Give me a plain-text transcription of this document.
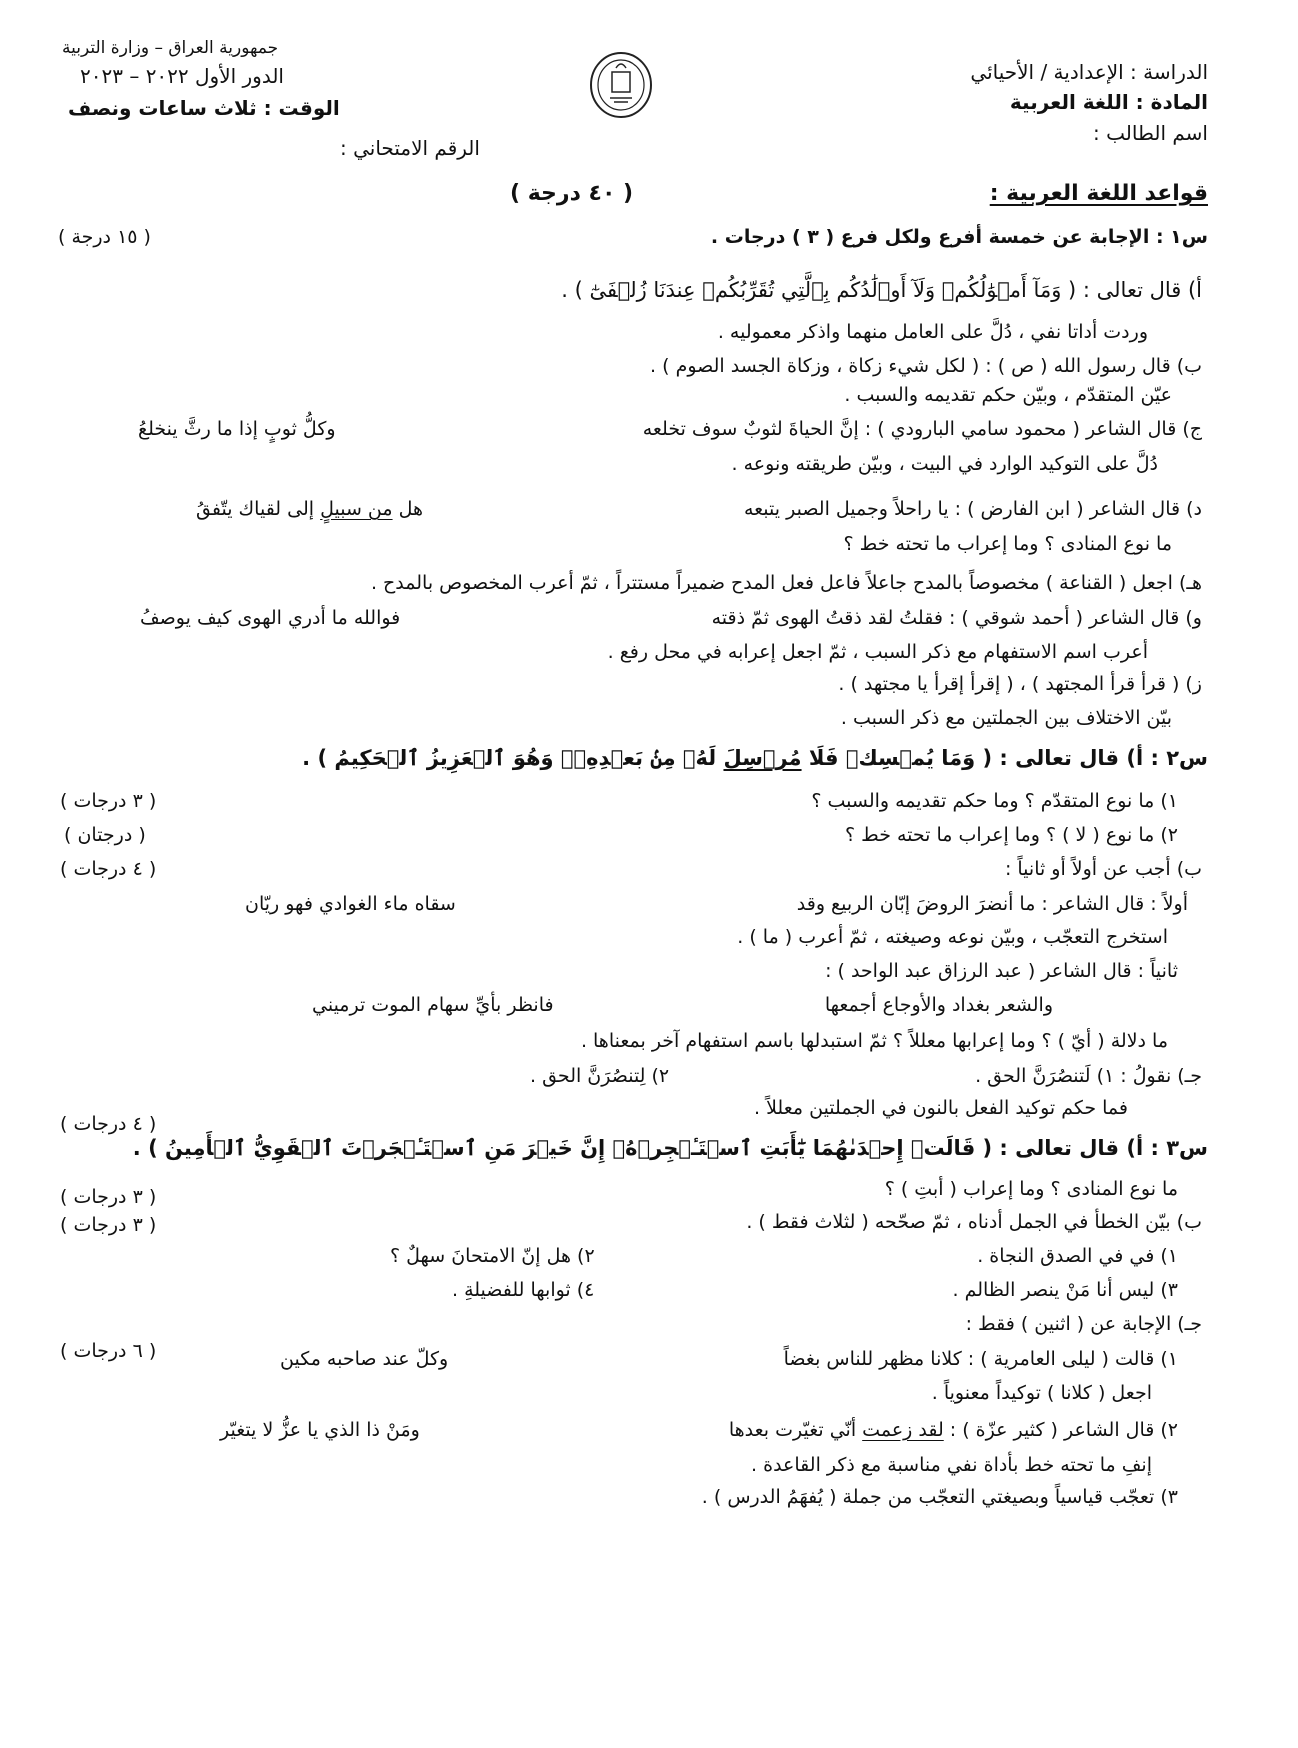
الدراسة : الإعدادية / الأحيائي
المادة : اللغة العربية
اسم الطالب :
جمهورية العراق – وزارة التربية
الدور الأول ٢٠٢٢ – ٢٠٢٣
الوقت : ثلاث ساعات ونصف
الرقم الامتحاني :
قواعد اللغة العربية :
( ٤٠ درجة )
س١ : الإجابة عن خمسة أفرع ولكل فرع ( ٣ ) درجات .
( ١٥ درجة )
أ) قال تعالى : ( وَمَآ أَمۡوَٰلُكُمۡ وَلَآ أَوۡلَٰدُكُم بِٱلَّتِي تُقَرِّبُكُمۡ عِندَنَا زُلۡفَىٰٓ ) .
وردت أداتا نفي ، دُلَّ على العامل منهما واذكر معموليه .
ب) قال رسول الله ( ص ) : ( لكل شيء زكاة ، وزكاة الجسد الصوم ) .
عيّن المتقدّم ، وبيّن حكم تقديمه والسبب .
ج) قال الشاعر ( محمود سامي البارودي ) : إنَّ الحياةَ لثوبٌ سوف تخلعه
وكلُّ ثوبٍ إذا ما رثَّ ينخلعُ
دُلَّ على التوكيد الوارد في البيت ، وبيّن طريقته ونوعه .
د) قال الشاعر ( ابن الفارض ) : يا راحلاً وجميل الصبر يتبعه
هل من سبيلٍ إلى لقياك يتّفقُ
ما نوع المنادى ؟ وما إعراب ما تحته خط ؟
هـ) اجعل ( القناعة ) مخصوصاً بالمدح جاعلاً فاعل فعل المدح ضميراً مستتراً ، ثمّ أعرب المخصوص بالمدح .
و) قال الشاعر ( أحمد شوقي ) : فقلتُ لقد ذقتُ الهوى ثمّ ذقته
فوالله ما أدري الهوى كيف يوصفُ
أعرب اسم الاستفهام مع ذكر السبب ، ثمّ اجعل إعرابه في محل رفع .
ز) ( قرأ قرأ المجتهد ) ، ( إقرأ إقرأ يا مجتهد ) .
بيّن الاختلاف بين الجملتين مع ذكر السبب .
س٢ : أ) قال تعالى : ( وَمَا يُمۡسِكۡ فَلَا مُرۡسِلَ لَهُۥ مِنۢ بَعۡدِهِۦۚ وَهُوَ ٱلۡعَزِيزُ ٱلۡحَكِيمُ ) .
١) ما نوع المتقدّم ؟ وما حكم تقديمه والسبب ؟
( ٣ درجات )
٢) ما نوع ( لا ) ؟ وما إعراب ما تحته خط ؟
( درجتان )
ب) أجب عن أولاً أو ثانياً :
( ٤ درجات )
أولاً : قال الشاعر : ما أنضرَ الروضَ إبّان الربيع وقد
سقاه ماء الغوادي فهو ريّان
استخرج التعجّب ، وبيّن نوعه وصيغته ، ثمّ أعرب ( ما ) .
ثانياً : قال الشاعر ( عبد الرزاق عبد الواحد ) :
والشعر بغداد والأوجاع أجمعها
فانظر بأيِّ سهام الموت ترميني
ما دلالة ( أيّ ) ؟ وما إعرابها معللاً ؟ ثمّ استبدلها باسم استفهام آخر بمعناها .
جـ) نقولُ : ١) لَتنصُرَنَّ الحق .
٢) لِتنصُرَنَّ الحق .
فما حكم توكيد الفعل بالنون في الجملتين معللاً .
( ٤ درجات )
س٣ : أ) قال تعالى : ( قَالَتۡ إِحۡدَىٰهُمَا يَٰٓأَبَتِ ٱسۡتَـٔۡجِرۡهُۖ إِنَّ خَيۡرَ مَنِ ٱسۡتَـٔۡجَرۡتَ ٱلۡقَوِيُّ ٱلۡأَمِينُ ) .
ما نوع المنادى ؟ وما إعراب ( أبتِ ) ؟
( ٣ درجات )
ب) بيّن الخطأ في الجمل أدناه ، ثمّ صحّحه ( لثلاث فقط ) .
( ٣ درجات )
١) في في الصدق النجاة .
٢) هل إنّ الامتحانَ سهلٌ ؟
٣) ليس أنا مَنْ ينصر الظالم .
٤) ثوابها للفضيلةِ .
جـ) الإجابة عن ( اثنين ) فقط :
( ٦ درجات )	١) قالت ( ليلى العامرية ) : كلانا مظهر للناس بغضاً
وكلّ عند صاحبه مكين
اجعل ( كلانا ) توكيداً معنوياً .
٢) قال الشاعر ( كثير عزّة ) : لقد زعمت أنّي تغيّرت بعدها
ومَنْ ذا الذي يا عزُّ لا يتغيّر
إنفِ ما تحته خط بأداة نفي مناسبة مع ذكر القاعدة .
٣) تعجّب قياسياً وبصيغتي التعجّب من جملة ( يُفهَمُ الدرس ) .
